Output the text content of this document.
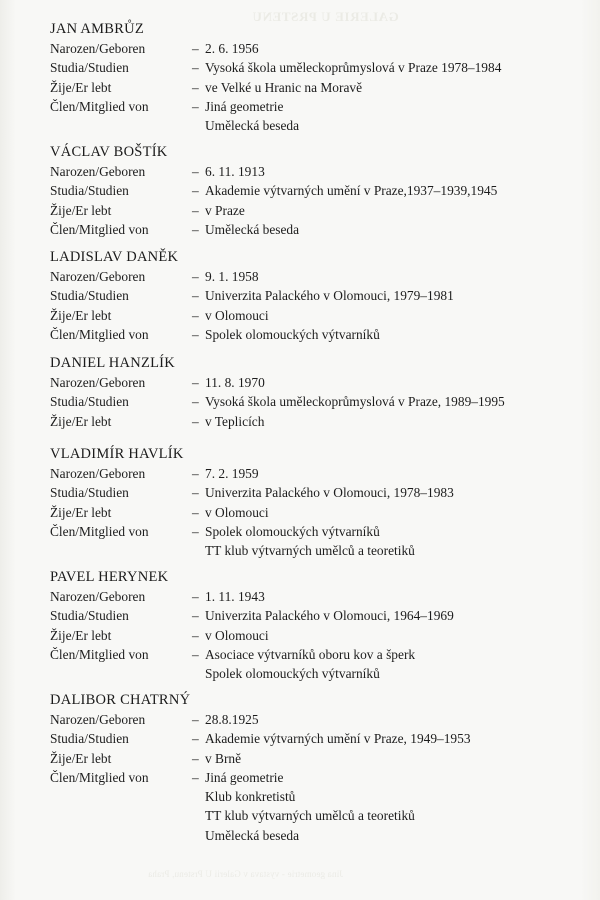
GALERIE U PRSTENU
Jina geometrie - vystava v Galerii U Prstenu, Praha
JAN AMBRŮZ
Narozen/Geboren	– 2. 6. 1956
Studia/Studien	– Vysoká škola uměleckoprůmyslová v Praze 1978–1984
Žije/Er lebt	– ve Velké u Hranic na Moravě
Člen/Mitglied von	– Jiná geometrie
Umělecká beseda
VÁCLAV BOŠTÍK
Narozen/Geboren	– 6. 11. 1913
Studia/Studien	– Akademie výtvarných umění v Praze,1937–1939,1945
Žije/Er lebt	– v Praze
Člen/Mitglied von	– Umělecká beseda
LADISLAV DANĚK
Narozen/Geboren	– 9. 1. 1958
Studia/Studien	– Univerzita Palackého v Olomouci, 1979–1981
Žije/Er lebt	– v Olomouci
Člen/Mitglied von	– Spolek olomouckých výtvarníků
DANIEL HANZLÍK
Narozen/Geboren	– 11. 8. 1970
Studia/Studien	– Vysoká škola uměleckoprůmyslová v Praze, 1989–1995
Žije/Er lebt	– v Teplicích
VLADIMÍR HAVLÍK
Narozen/Geboren	– 7. 2. 1959
Studia/Studien	– Univerzita Palackého v Olomouci, 1978–1983
Žije/Er lebt	– v Olomouci
Člen/Mitglied von	– Spolek olomouckých výtvarníků
TT klub výtvarných umělců a teoretiků
PAVEL HERYNEK
Narozen/Geboren	– 1. 11. 1943
Studia/Studien	– Univerzita Palackého v Olomouci, 1964–1969
Žije/Er lebt	– v Olomouci
Člen/Mitglied von	– Asociace výtvarníků oboru kov a šperk
Spolek olomouckých výtvarníků
DALIBOR CHATRNÝ
Narozen/Geboren	– 28.8.1925
Studia/Studien	– Akademie výtvarných umění v Praze, 1949–1953
Žije/Er lebt	– v Brně
Člen/Mitglied von	– Jiná geometrie
Klub konkretistů
TT klub výtvarných umělců a teoretiků
Umělecká beseda
